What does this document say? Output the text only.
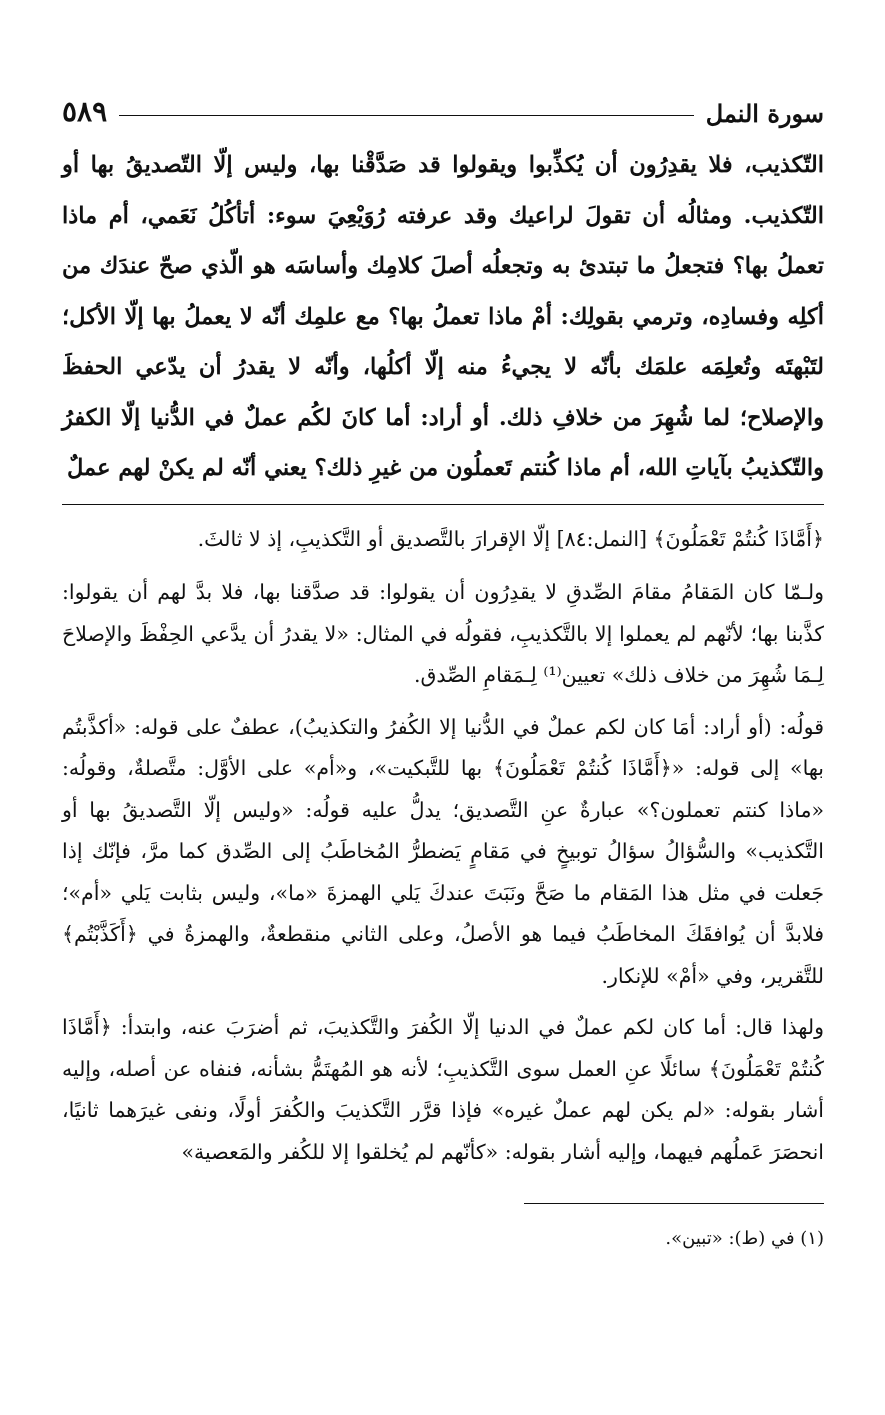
سورة النمل
٥٨٩
التّكذيب، فلا يقدِرُون أن يُكذِّبوا ويقولوا قد صَدَّقْنا بها، وليس إلّا التّصديقُ بها أو التّكذيب. ومثالُه أن تقولَ لراعيك وقد عرفته رُوَيْعِيَ سوء: أتأكُلُ نَعَمي، أم ماذا تعملُ بها؟ فتجعلُ ما تبتدئ به وتجعلُه أصلَ كلامِك وأساسَه هو الّذي صحّ عندَك من أكلِه وفسادِه، وترمي بقولِك: أمْ ماذا تعملُ بها؟ مع علمِك أنّه لا يعملُ بها إلّا الأكل؛ لتَبْهتَه وتُعلِمَه علمَك بأنّه لا يجيءُ منه إلّا أكلُها، وأنّه لا يقدرُ أن يدّعي الحفظَ والإصلاح؛ لما شُهِرَ من خلافِ ذلك. أو أراد: أما كانَ لكُم عملٌ في الدُّنيا إلّا الكفرُ والتّكذيبُ بآياتِ الله، أم ماذا كُنتم تَعملُون من غيرِ ذلك؟ يعني أنّه لم يكنْ لهم عملٌ

﴿أَمَّاذَا كُنتُمْ تَعْمَلُونَ﴾ [النمل:٨٤] إلّا الإقرارَ بالتَّصديق أو التَّكذيبِ، إذ لا ثالثَ.

ولـمّا كان المَقامُ مقامَ الصِّدقِ لا يقدِرُون أن يقولوا: قد صدَّقنا بها، فلا بدَّ لهم أن يقولوا: كذَّبنا بها؛ لأنّهم لم يعملوا إلا بالتَّكذيبِ، فقولُه في المثال: «لا يقدرُ أن يدَّعي الحِفْظَ والإصلاحَ لِـمَا شُهِرَ من خلاف ذلك» تعيين⁽¹⁾ لِـمَقامِ الصِّدق.

قولُه: (أو أراد: أمَا كان لكم عملٌ في الدُّنيا إلا الكُفرُ والتكذيبُ)، عطفٌ على قوله: «أكذَّبتُم بها» إلى قوله: «﴿أَمَّاذَا كُنتُمْ تَعْمَلُونَ﴾ بها للتَّبكيت»، و«أم» على الأوَّل: متَّصلةٌ، وقولُه: «ماذا كنتم تعملون؟» عبارةٌ عنِ التَّصديق؛ يدلُّ عليه قولُه: «وليس إلّا التَّصديقُ بها أو التَّكذيب» والسُّؤالُ سؤالُ توبيخٍ في مَقامٍ يَضطرُّ المُخاطَبُ إلى الصِّدق كما مرَّ، فإنّك إذا جَعلت في مثل هذا المَقام ما صَحَّ ونَبَتَ عندكَ يَلي الهمزةَ «ما»، وليس بثابت يَلي «أم»؛ فلابدَّ أن يُوافقَكَ المخاطَبُ فيما هو الأصلُ، وعلى الثاني منقطعةٌ، والهمزةُ في ﴿أَكَذَّبْتُم﴾ للتَّقرير، وفي «أمْ» للإنكار.

ولهذا قال: أما كان لكم عملٌ في الدنيا إلّا الكُفرَ والتَّكذيبَ، ثم أضرَبَ عنه، وابتدأ: ﴿أَمَّاذَا كُنتُمْ تَعْمَلُونَ﴾ سائلًا عنِ العمل سوى التَّكذيبِ؛ لأنه هو المُهتَمُّ بشأنه، فنفاه عن أصله، وإليه أشار بقوله: «لم يكن لهم عملٌ غيره» فإذا قرَّر التَّكذيبَ والكُفرَ أولًا، ونفى غيرَهما ثانيًا، انحصَرَ عَملُهم فيهما، وإليه أشار بقوله: «كأنّهم لم يُخلقوا إلا للكُفر والمَعصية»

(١) في (ط): «تبين».
